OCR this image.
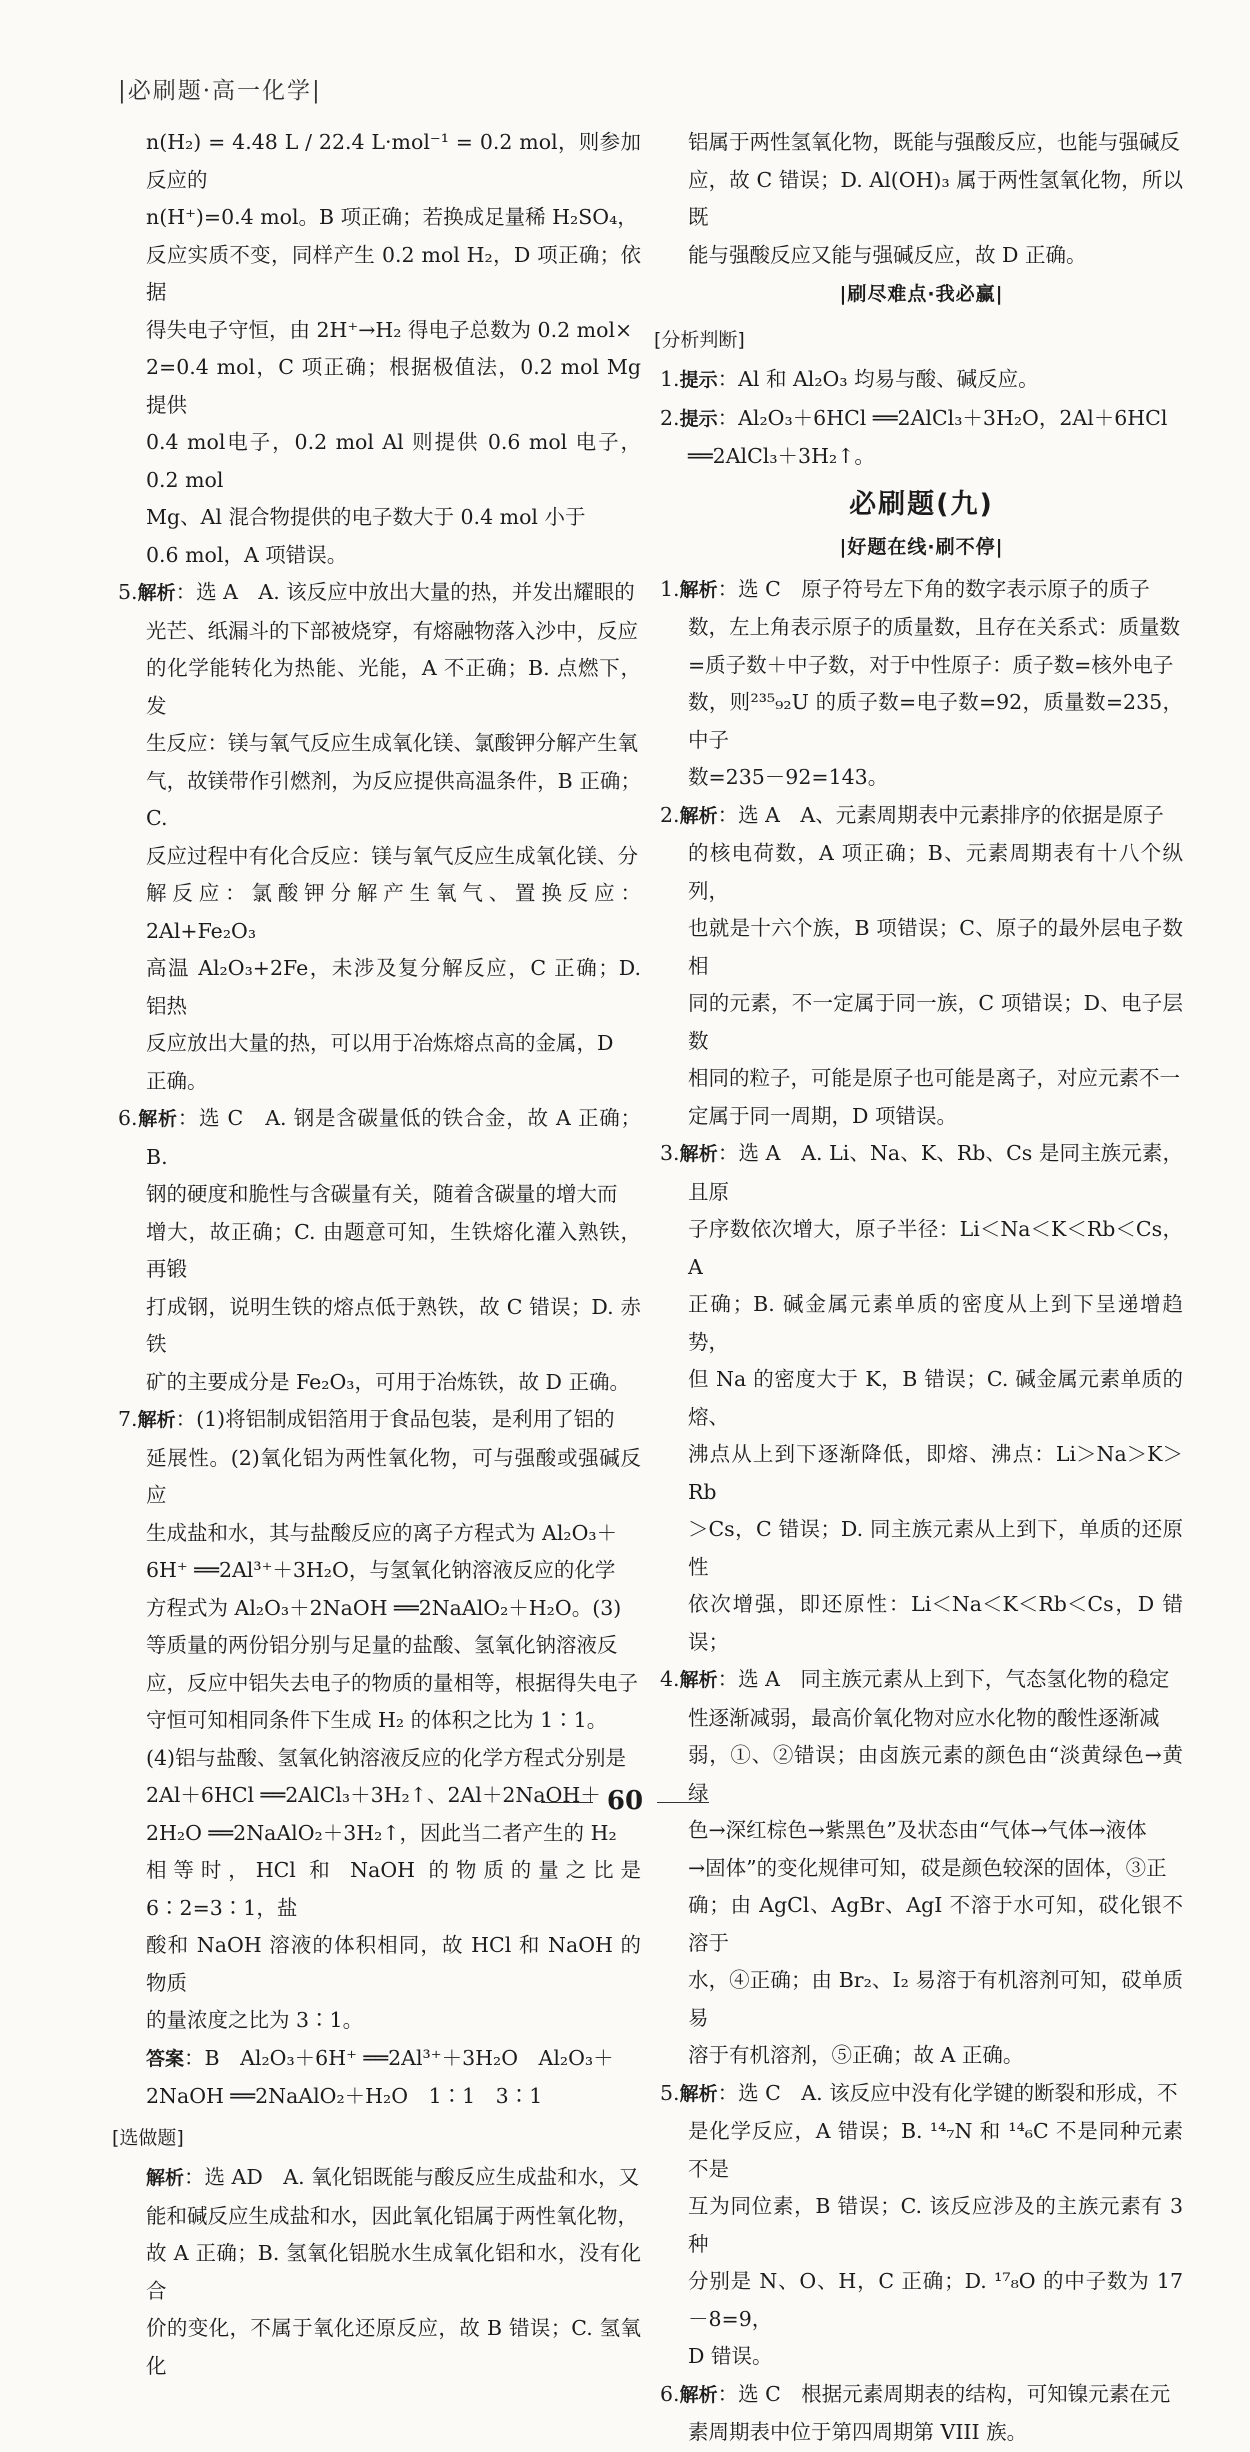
|必刷题·高一化学|

n(H₂) = 4.48 L / 22.4 L·mol⁻¹ = 0.2 mol，则参加反应的

n(H⁺)=0.4 mol。B 项正确；若换成足量稀 H₂SO₄，

反应实质不变，同样产生 0.2 mol H₂，D 项正确；依据

得失电子守恒，由 2H⁺→H₂ 得电子总数为 0.2 mol×

2=0.4 mol，C 项正确；根据极值法，0.2 mol Mg 提供

0.4 mol电子，0.2 mol Al 则提供 0.6 mol 电子，0.2 mol

Mg、Al 混合物提供的电子数大于 0.4 mol 小于

0.6 mol，A 项错误。

5.解析：选 A　A. 该反应中放出大量的热，并发出耀眼的

光芒、纸漏斗的下部被烧穿，有熔融物落入沙中，反应

的化学能转化为热能、光能，A 不正确；B. 点燃下，发

生反应：镁与氧气反应生成氧化镁、氯酸钾分解产生氧

气，故镁带作引燃剂，为反应提供高温条件，B 正确；C.

反应过程中有化合反应：镁与氧气反应生成氧化镁、分

解反应：氯酸钾分解产生氧气、置换反应：2Al+Fe₂O₃

高温 Al₂O₃+2Fe，未涉及复分解反应，C 正确；D. 铝热

反应放出大量的热，可以用于冶炼熔点高的金属，D

正确。

6.解析：选 C　A. 钢是含碳量低的铁合金，故 A 正确；B.

钢的硬度和脆性与含碳量有关，随着含碳量的增大而

增大，故正确；C. 由题意可知，生铁熔化灌入熟铁，再锻

打成钢，说明生铁的熔点低于熟铁，故 C 错误；D. 赤铁

矿的主要成分是 Fe₂O₃，可用于冶炼铁，故 D 正确。

7.解析：(1)将铝制成铝箔用于食品包装，是利用了铝的

延展性。(2)氧化铝为两性氧化物，可与强酸或强碱反应

生成盐和水，其与盐酸反应的离子方程式为 Al₂O₃＋

6H⁺ ══2Al³⁺＋3H₂O，与氢氧化钠溶液反应的化学

方程式为 Al₂O₃＋2NaOH ══2NaAlO₂＋H₂O。(3)

等质量的两份铝分别与足量的盐酸、氢氧化钠溶液反

应，反应中铝失去电子的物质的量相等，根据得失电子

守恒可知相同条件下生成 H₂ 的体积之比为 1∶1。

(4)铝与盐酸、氢氧化钠溶液反应的化学方程式分别是

2Al＋6HCl ══2AlCl₃＋3H₂↑、2Al＋2NaOH＋

2H₂O ══2NaAlO₂＋3H₂↑，因此当二者产生的 H₂

相等时，HCl 和 NaOH 的物质的量之比是 6∶2=3∶1，盐

酸和 NaOH 溶液的体积相同，故 HCl 和 NaOH 的物质

的量浓度之比为 3∶1。

答案：B　Al₂O₃＋6H⁺ ══2Al³⁺＋3H₂O　Al₂O₃＋

2NaOH ══2NaAlO₂＋H₂O　1∶1　3∶1

[选做题]

解析：选 AD　A. 氧化铝既能与酸反应生成盐和水，又

能和碱反应生成盐和水，因此氧化铝属于两性氧化物，

故 A 正确；B. 氢氧化铝脱水生成氧化铝和水，没有化合

价的变化，不属于氧化还原反应，故 B 错误；C. 氢氧化

铝属于两性氢氧化物，既能与强酸反应，也能与强碱反

应，故 C 错误；D. Al(OH)₃ 属于两性氢氧化物，所以既

能与强酸反应又能与强碱反应，故 D 正确。

|刷尽难点·我必赢|
[分析判断]

1.提示：Al 和 Al₂O₃ 均易与酸、碱反应。

2.提示：Al₂O₃＋6HCl ══2AlCl₃＋3H₂O，2Al＋6HCl

══2AlCl₃＋3H₂↑。

必刷题(九)
|好题在线·刷不停|

1.解析：选 C　原子符号左下角的数字表示原子的质子

数，左上角表示原子的质量数，且存在关系式：质量数

=质子数＋中子数，对于中性原子：质子数=核外电子

数，则²³⁵₉₂U 的质子数=电子数=92，质量数=235，中子

数=235－92=143。

2.解析：选 A　A、元素周期表中元素排序的依据是原子

的核电荷数，A 项正确；B、元素周期表有十八个纵列，

也就是十六个族，B 项错误；C、原子的最外层电子数相

同的元素，不一定属于同一族，C 项错误；D、电子层数

相同的粒子，可能是原子也可能是离子，对应元素不一

定属于同一周期，D 项错误。

3.解析：选 A　A. Li、Na、K、Rb、Cs 是同主族元素，且原

子序数依次增大，原子半径：Li＜Na＜K＜Rb＜Cs，A

正确；B. 碱金属元素单质的密度从上到下呈递增趋势，

但 Na 的密度大于 K，B 错误；C. 碱金属元素单质的熔、

沸点从上到下逐渐降低，即熔、沸点：Li＞Na＞K＞Rb

＞Cs，C 错误；D. 同主族元素从上到下，单质的还原性

依次增强，即还原性：Li＜Na＜K＜Rb＜Cs，D 错误；

4.解析：选 A　同主族元素从上到下，气态氢化物的稳定

性逐渐减弱，最高价氧化物对应水化物的酸性逐渐减

弱，①、②错误；由卤族元素的颜色由“淡黄绿色→黄绿

色→深红棕色→紫黑色”及状态由“气体→气体→液体

→固体”的变化规律可知，砹是颜色较深的固体，③正

确；由 AgCl、AgBr、AgI 不溶于水可知，砹化银不溶于

水，④正确；由 Br₂、I₂ 易溶于有机溶剂可知，砹单质易

溶于有机溶剂，⑤正确；故 A 正确。

5.解析：选 C　A. 该反应中没有化学键的断裂和形成，不

是化学反应，A 错误；B. ¹⁴₇N 和 ¹⁴₆C 不是同种元素不是

互为同位素，B 错误；C. 该反应涉及的主族元素有 3 种

分别是 N、O、H，C 正确；D. ¹⁷₈O 的中子数为 17－8=9，

D 错误。

6.解析：选 C　根据元素周期表的结构，可知镍元素在元

素周期表中位于第四周期第 VIII 族。

60
